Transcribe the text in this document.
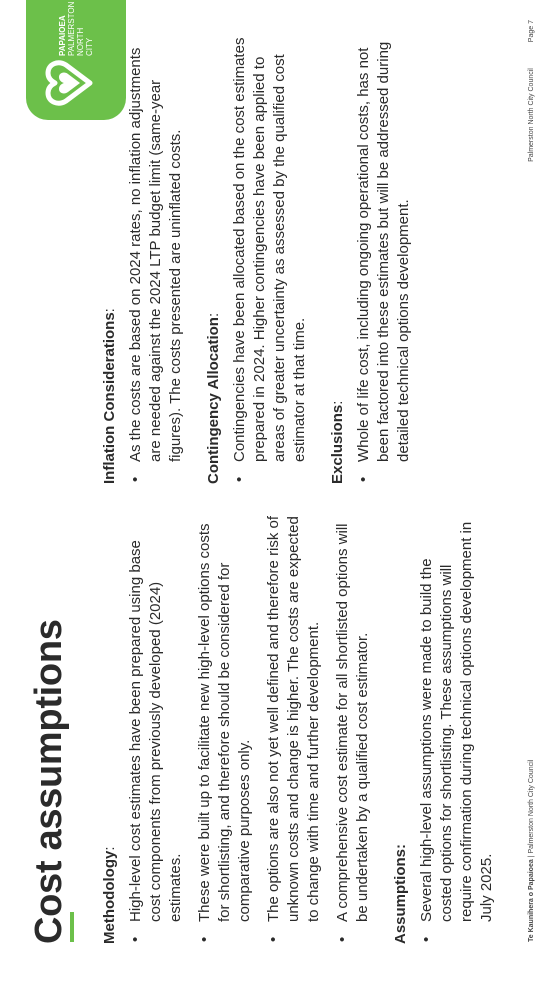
Cost assumptions
PAPAIOEA PALMERSTON NORTH CITY
Methodology: • High-level cost estimates have been prepared using base cost components from previously developed (2024) estimates. • These were built up to facilitate new high-level options costs for shortlisting, and therefore should be considered for comparative purposes only. • The options are also not yet well defined and therefore risk of unknown costs and change is higher. The costs are expected to change with time and further development. • A comprehensive cost estimate for all shortlisted options will be undertaken by a qualified cost estimator. Assumptions: • Several high-level assumptions were made to build the costed options for shortlisting. These assumptions will require confirmation during technical options development in July 2025.
Inflation Considerations: • As the costs are based on 2024 rates, no inflation adjustments are needed against the 2024 LTP budget limit (same-year figures). The costs presented are uninflated costs. Contingency Allocation: • Contingencies have been allocated based on the cost estimates prepared in 2024. Higher contingencies have been applied to areas of greater uncertainty as assessed by the qualified cost estimator at that time. Exclusions: • Whole of life cost, including ongoing operational costs, has not been factored into these estimates but will be addressed during detailed technical options development.
Te Kaunihera o Papaioea | Palmerston North City Council
Palmerston North City Council Page 7
